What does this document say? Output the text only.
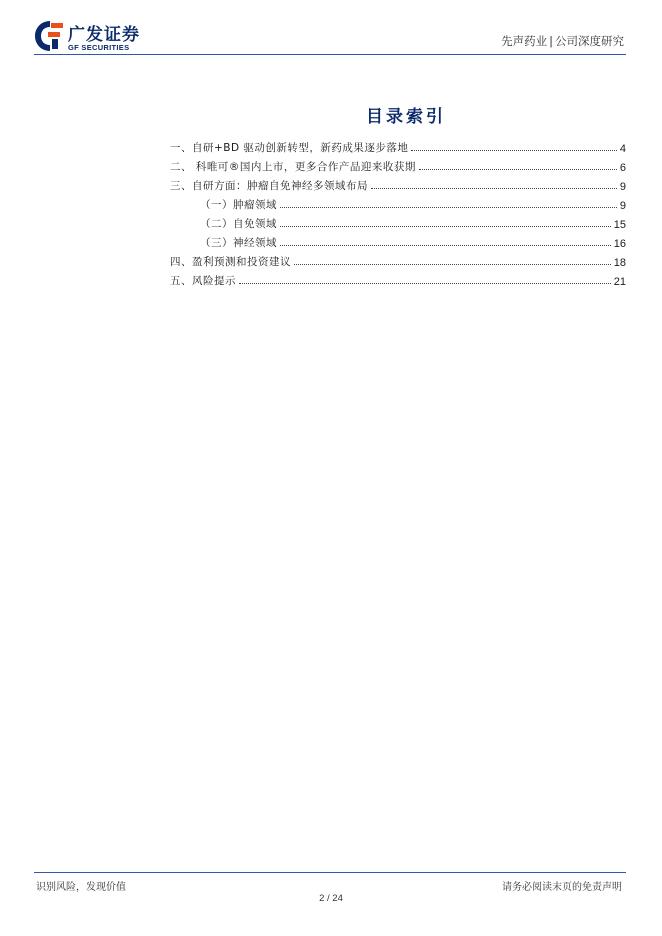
广发证券
GF SECURITIES	先声药业 | 公司深度研究
目录索引
一、自研+BD 驱动创新转型，新药成果逐步落地	4
二、 科唯可®国内上市，更多合作产品迎来收获期	6
三、自研方面：肿瘤自免神经多领域布局	9
（一）肿瘤领域	9
（二）自免领域	15
（三）神经领域	16
四、盈利预测和投资建议	18
五、风险提示	21
识别风险，发现价值	请务必阅读末页的免责声明
2 / 24
